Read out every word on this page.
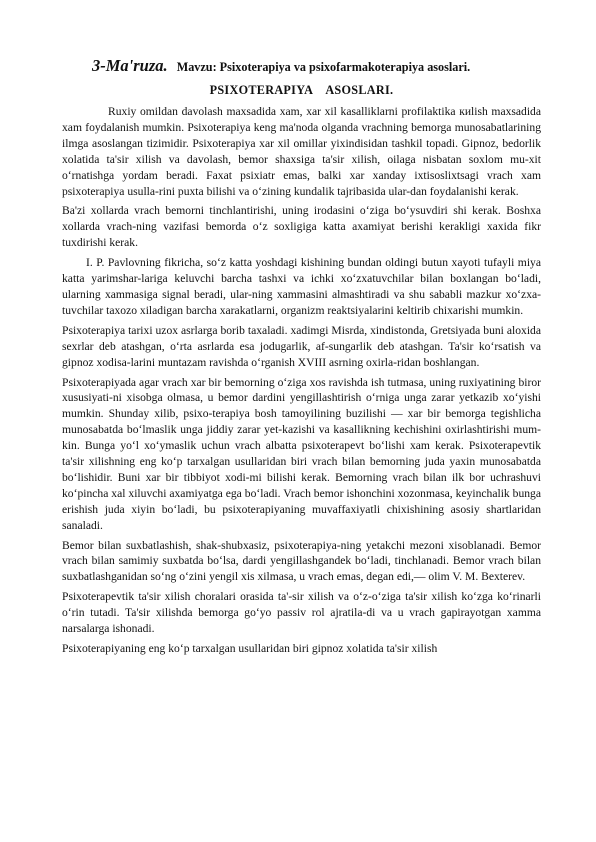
3-Ma'ruza. Mavzu: Psixoterapiya va psixofarmakoterapiya asoslari.
PSIXOTERAPIYA    ASOSLARI.

Ruxiy omildan davolash maxsadida xam, xar xil kasalliklarni profilaktika киlish maxsadida xam foydalanish mumkin. Psixoterapiya keng ma'noda olganda vrachning bemorga munosabatlarining ilmga asoslangan tizimidir. Psixoterapiya xar xil omillar yixindisidan tashkil topadi. Gipnoz, bedorlik xolatida ta'sir xilish va davolash, bemor shaxsiga ta'sir xilish, oilaga nisbatan soxlom mu-xit o‘rnatishga yordam beradi. Faxat psixiatr emas, balki xar xanday ixtisoslixtsagi vrach xam psixoterapiya usulla-rini puxta bilishi va o‘zining kundalik tajribasida ular-dan foydalanishi kerak.

Ba'zi xollarda vrach bemorni tinchlantirishi, uning irodasini o‘ziga bo‘ysuvdiri shi kerak. Boshxa xollarda vrach-ning vazifasi bemorda o‘z soxligiga katta axamiyat berishi kerakligi xaxida fikr tuxdirishi kerak.

I. P. Pavlovning fikricha, so‘z katta yoshdagi kishining bundan oldingi butun xayoti tufayli miya katta yarimshar-lariga keluvchi barcha tashxi va ichki xo‘zxatuvchilar bilan boxlangan bo‘ladi, ularning xammasiga signal beradi, ular-ning xammasini almashtiradi va shu sababli mazkur xo‘zxa-tuvchilar taxozo xiladigan barcha xarakatlarni, organizm reaktsiyalarini keltirib chixarishi mumkin.

Psixoterapiya tarixi uzox asrlarga borib taxaladi. xadimgi Misrda, xindistonda, Gretsiyada buni aloxida sexrlar deb atashgan, o‘rta asrlarda esa jodugarlik, af-sungarlik deb atashgan. Ta'sir ko‘rsatish va gipnoz xodisa-larini muntazam ravishda o‘rganish XVIII asrning oxirla-ridan boshlangan.

Psixoterapiyada agar vrach xar bir bemorning o‘ziga xos ravishda ish tutmasa, uning ruxiyatining biror xususiyati-ni xisobga olmasa, u bemor dardini yengillashtirish o‘rniga unga zarar yetkazib xo‘yishi mumkin. Shunday xilib, psixo-terapiya bosh tamoyilining buzilishi — xar bir bemorga tegishlicha munosabatda bo‘lmaslik unga jiddiy zarar yet-kazishi va kasallikning kechishini oxirlashtirishi mum-kin. Bunga yo‘l xo‘ymaslik uchun vrach albatta psixoterapevt bo‘lishi xam kerak. Psixoterapevtik ta'sir xilishning eng ko‘p tarxalgan usullaridan biri vrach bilan bemorning juda yaxin munosabatda bo‘lishidir. Buni xar bir tibbiyot xodi-mi bilishi kerak. Bemorning vrach bilan ilk bor uchrashuvi ko‘pincha xal xiluvchi axamiyatga ega bo‘ladi. Vrach bemor ishonchini xozonmasa, keyinchalik bunga erishish juda xiyin bo‘ladi, bu psixoterapiyaning muvaffaxiyatli chixishining asosiy shartlaridan sanaladi.

Bemor bilan suxbatlashish, shak-shubxasiz, psixoterapiya-ning yetakchi mezoni xisoblanadi. Bemor vrach bilan samimiy suxbatda bo‘lsa, dardi yengillashgandek bo‘ladi, tinchlanadi. Bemor vrach bilan suxbatlashganidan so‘ng o‘zini yengil xis xilmasa, u vrach emas, degan edi,— olim V. M. Bexterev.

Psixoterapevtik ta'sir xilish choralari orasida ta'-sir xilish va o‘z-o‘ziga ta'sir xilish ko‘zga ko‘rinarli o‘rin tutadi. Ta'sir xilishda bemorga go‘yo passiv rol ajratila-di va u vrach gapirayotgan xamma narsalarga ishonadi.

Psixoterapiyaning eng ko‘p tarxalgan usullaridan biri gipnoz xolatida ta'sir xilish
